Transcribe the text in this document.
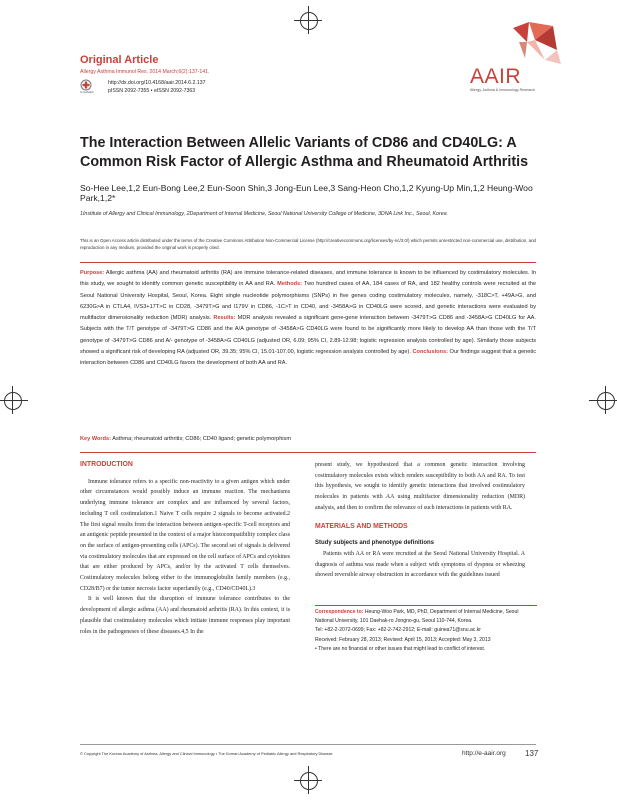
Original Article
Allergy Asthma Immunol Res. 2014 March;6(2):137-141.
CrossMark
http://dx.doi.org/10.4168/aair.2014.6.2.137
pISSN 2092-7355 • eISSN 2092-7363
AAIR
Allergy, Asthma & Immunology Research
The Interaction Between Allelic Variants of CD86 and CD40LG: A Common Risk Factor of Allergic Asthma and Rheumatoid Arthritis
So-Hee Lee,1,2 Eun-Bong Lee,2 Eun-Soon Shin,3 Jong-Eun Lee,3 Sang-Heon Cho,1,2 Kyung-Up Min,1,2 Heung-Woo Park,1,2*
1Institute of Allergy and Clinical Immunology, 2Department of Internal Medicine, Seoul National University College of Medicine, 3DNA Link Inc., Seoul, Korea
This is an Open Access article distributed under the terms of the Creative Commons Attribution Non-Commercial License (http://creativecommons.org/licenses/by-nc/3.0/) which permits unrestricted non-commercial use, distribution, and reproduction in any medium, provided the original work is properly cited.
Purpose: Allergic asthma (AA) and rheumatoid arthritis (RA) are immune tolerance-related diseases, and immune tolerance is known to be influenced by costimulatory molecules. In this study, we sought to identify common genetic susceptibility in AA and RA. Methods: Two hundred cases of AA, 184 cases of RA, and 182 healthy controls were recruited at the Seoul National University Hospital, Seoul, Korea. Eight single nucleotide polymorphisms (SNPs) in five genes coding costimulatory molecules, namely, -318C>T, +49A>G, and 6230G>A in CTLA4, IVS3+17T>C in CD28, -3479T>G and I179V in CD86, -1C>T in CD40, and -3458A>G in CD40LG were scored, and genetic interactions were evaluated by multifactor dimensionality reduction (MDR) analysis. Results: MDR analysis revealed a significant gene-gene interaction between -3479T>G CD86 and -3458A>G CD40LG for AA. Subjects with the T/T genotype of -3479T>G CD86 and the A/A genotype of -3458A>G CD40LG were found to be significantly more likely to develop AA than those with the T/T genotype of -3479T>G CD86 and A/- genotype of -3458A>G CD40LG (adjusted OR, 6.09; 95% CI, 2.89-12.98; logistic regression analysis controlled by age). Similarly those subjects showed a significant risk of developing RA (adjusted OR, 39.35; 95% CI, 15.01-107.00, logistic regression analysis controlled by age). Conclusions: Our findings suggest that a genetic interaction between CD86 and CD40LG favors the development of both AA and RA.
Key Words: Asthma; rheumatoid arthritis; CD86; CD40 ligand; genetic polymorphism
INTRODUCTION
Immune tolerance refers to a specific non-reactivity to a given antigen which under other circumstances would possibly induce an immune reaction. The mechanisms underlying immune tolerance are complex and are influenced by several factors, including T cell costimulation.1 Naive T cells require 2 signals to become activated.2 The first signal results from the interaction between antigen-specific T-cell receptors and an antigenic peptide presented in the context of a major histocompatibility complex class on the surface of antigen-presenting cells (APCs). The second set of signals is delivered via costimulatory molecules that are expressed on the cell surface of APCs and cytokines that are either produced by APCs, and/or by the activated T cells themselves. Costimulatory molecules belong either to the immunoglobulin family members (e.g., CD28/B7) or the tumor necrosis factor superfamily (e.g., CD40/CD40L).3
It is well known that the disruption of immune tolerance contributes to the development of allergic asthma (AA) and rheumatoid arthritis (RA). In this context, it is plausible that costimulatory molecules which initiate immune responses play important roles in the pathogeneses of these diseases.4,5 In the
present study, we hypothesized that a common genetic interaction involving costimulatory molecules exists which renders susceptibility to both AA and RA. To test this hypothesis, we sought to identify genetic interactions that involved costimulatory molecules in patients with AA using multifactor dimensionality reduction (MDR) analysis, and then to confirm the relevance of such interactions in patients with RA.
MATERIALS AND METHODS
Study subjects and phenotype definitions
Patients with AA or RA were recruited at the Seoul National University Hospital. A diagnosis of asthma was made when a subject with symptoms of dyspnea or wheezing showed reversible airway obstruction in accordance with the guidelines issued
Correspondence to: Heung-Woo Park, MD, PhD, Department of Internal Medicine, Seoul National University, 101 Daehak-ro Jongno-gu, Seoul 110-744, Korea.
Tel: +82-2-2072-0699; Fax: +82-2-742-2912; E-mail: guinea71@snu.ac.kr
Received: February 28, 2013; Revised: April 15, 2013; Accepted: May 3, 2013
• There are no financial or other issues that might lead to conflict of interest.
© Copyright The Korean Academy of Asthma, Allergy and Clinical Immunology • The Korean Academy of Pediatric Allergy and Respiratory Disease	http://e-aair.org 137
